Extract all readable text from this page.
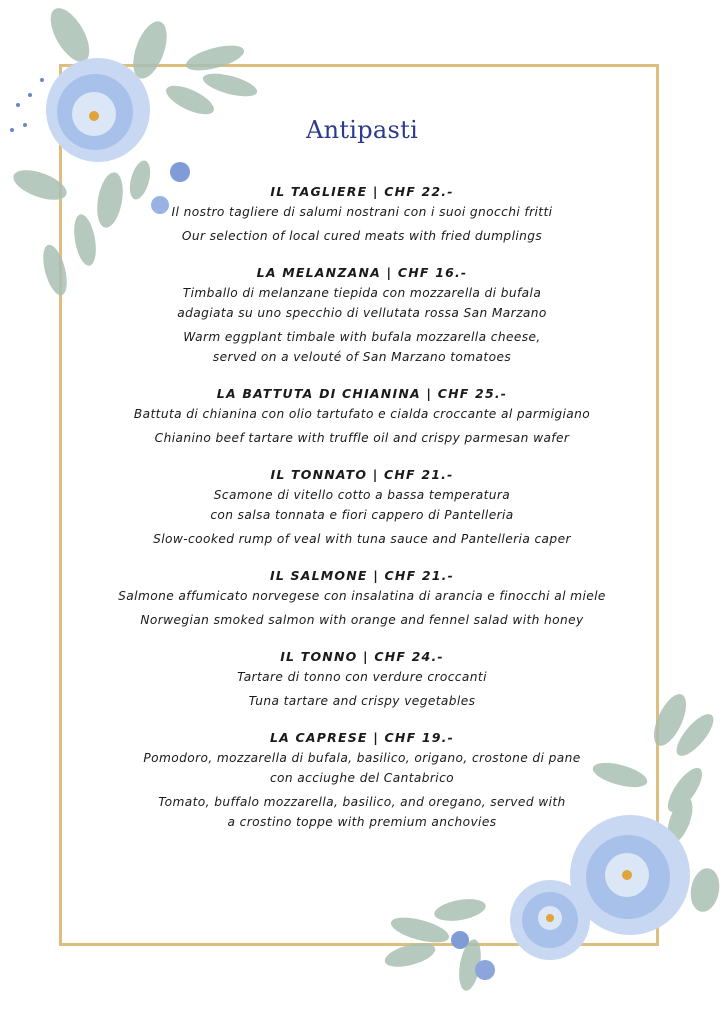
Antipasti
IL TAGLIERE | CHF 22.-
Il nostro tagliere di salumi nostrani con i suoi gnocchi fritti
Our selection of local cured meats with fried dumplings
LA MELANZANA | CHF 16.-
Timballo di melanzane tiepida con mozzarella di bufala
adagiata su uno specchio di vellutata rossa San Marzano
Warm eggplant timbale with bufala mozzarella cheese,
served on a velouté of San Marzano tomatoes
LA BATTUTA DI CHIANINA | CHF 25.-
Battuta di chianina con olio tartufato e cialda croccante al parmigiano
Chianino beef tartare with truffle oil and crispy parmesan wafer
IL TONNATO | CHF 21.-
Scamone di vitello cotto a bassa temperatura
con salsa tonnata e fiori cappero di Pantelleria
Slow-cooked rump of veal with tuna sauce and Pantelleria caper
IL SALMONE | CHF 21.-
Salmone affumicato norvegese con insalatina di arancia e finocchi al miele
Norwegian smoked salmon with orange and fennel salad with honey
IL TONNO | CHF 24.-
Tartare di tonno con verdure croccanti
Tuna tartare and crispy vegetables
LA CAPRESE | CHF 19.-
Pomodoro, mozzarella di bufala, basilico, origano, crostone di pane
con acciughe del Cantabrico
Tomato, buffalo mozzarella, basilico, and oregano, served with
a crostino toppe with premium anchovies
